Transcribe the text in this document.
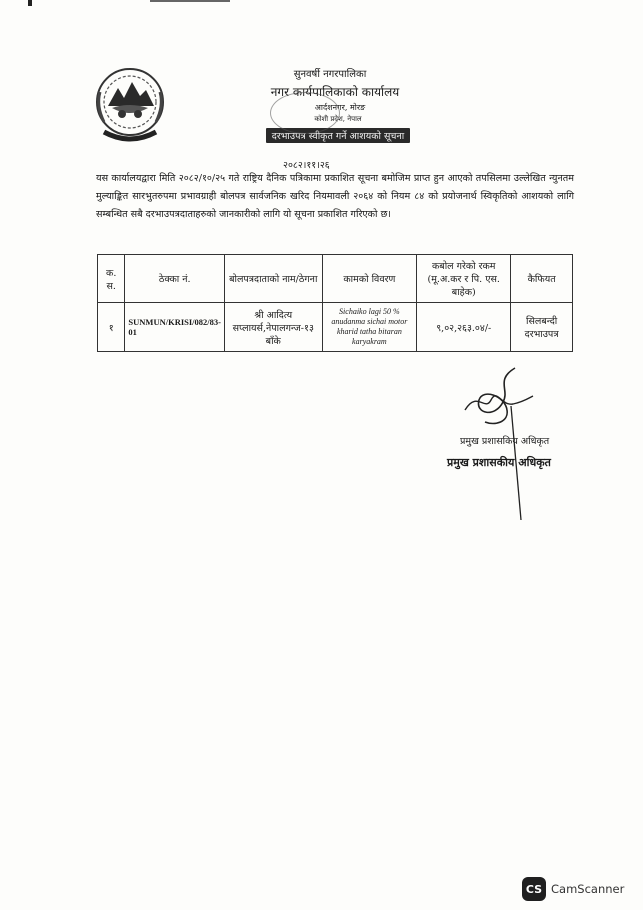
सुनवर्षी नगरपालिका
नगर कार्यपालिकाको कार्यालय
आर्दशनगर, मोरङ
कोशी प्रदेश, नेपाल
दरभाउपत्र स्वीकृत गर्ने आशयको सूचना
२०८२।११।२६
यस कार्यालयद्वारा मिति २०८२/१०/२५ गते राष्ट्रिय दैनिक पत्रिकामा प्रकाशित सूचना बमोजिम प्राप्त हुन आएको तपसिलमा उल्लेखित न्युनतम मुल्याङ्कित सारभुतरुपमा प्रभावग्राही बोलपत्र सार्वजनिक खरिद नियमावली २०६४ को नियम ८४ को प्रयोजनार्थ स्विकृतिको आशयको लागि सम्बन्धित सबै दरभाउपत्रदाताहरुको जानकारीको लागि यो सूचना प्रकाशित गरिएको छ।
क. स.	ठेक्का नं.	बोलपत्रदाताको नाम/ठेगना	कामको विवरण	कबोल गरेको रकम (मू.अ.कर र पि. एस. बाहेक)	कैफियत
१	SUNMUN/KRISI/082/83-01	श्री आदित्य सप्लायर्स,नेपालगन्ज-१३ बाँके	Sichaiko lagi 50 % anudanma sichai motor kharid tatha bitaran karyakram	९,०२,२६३.०४/-	सिलबन्दी दरभाउपत्र
प्रमुख प्रशासकिय अधिकृत
प्रमुख प्रशासकीय अधिकृत
CS CamScanner
